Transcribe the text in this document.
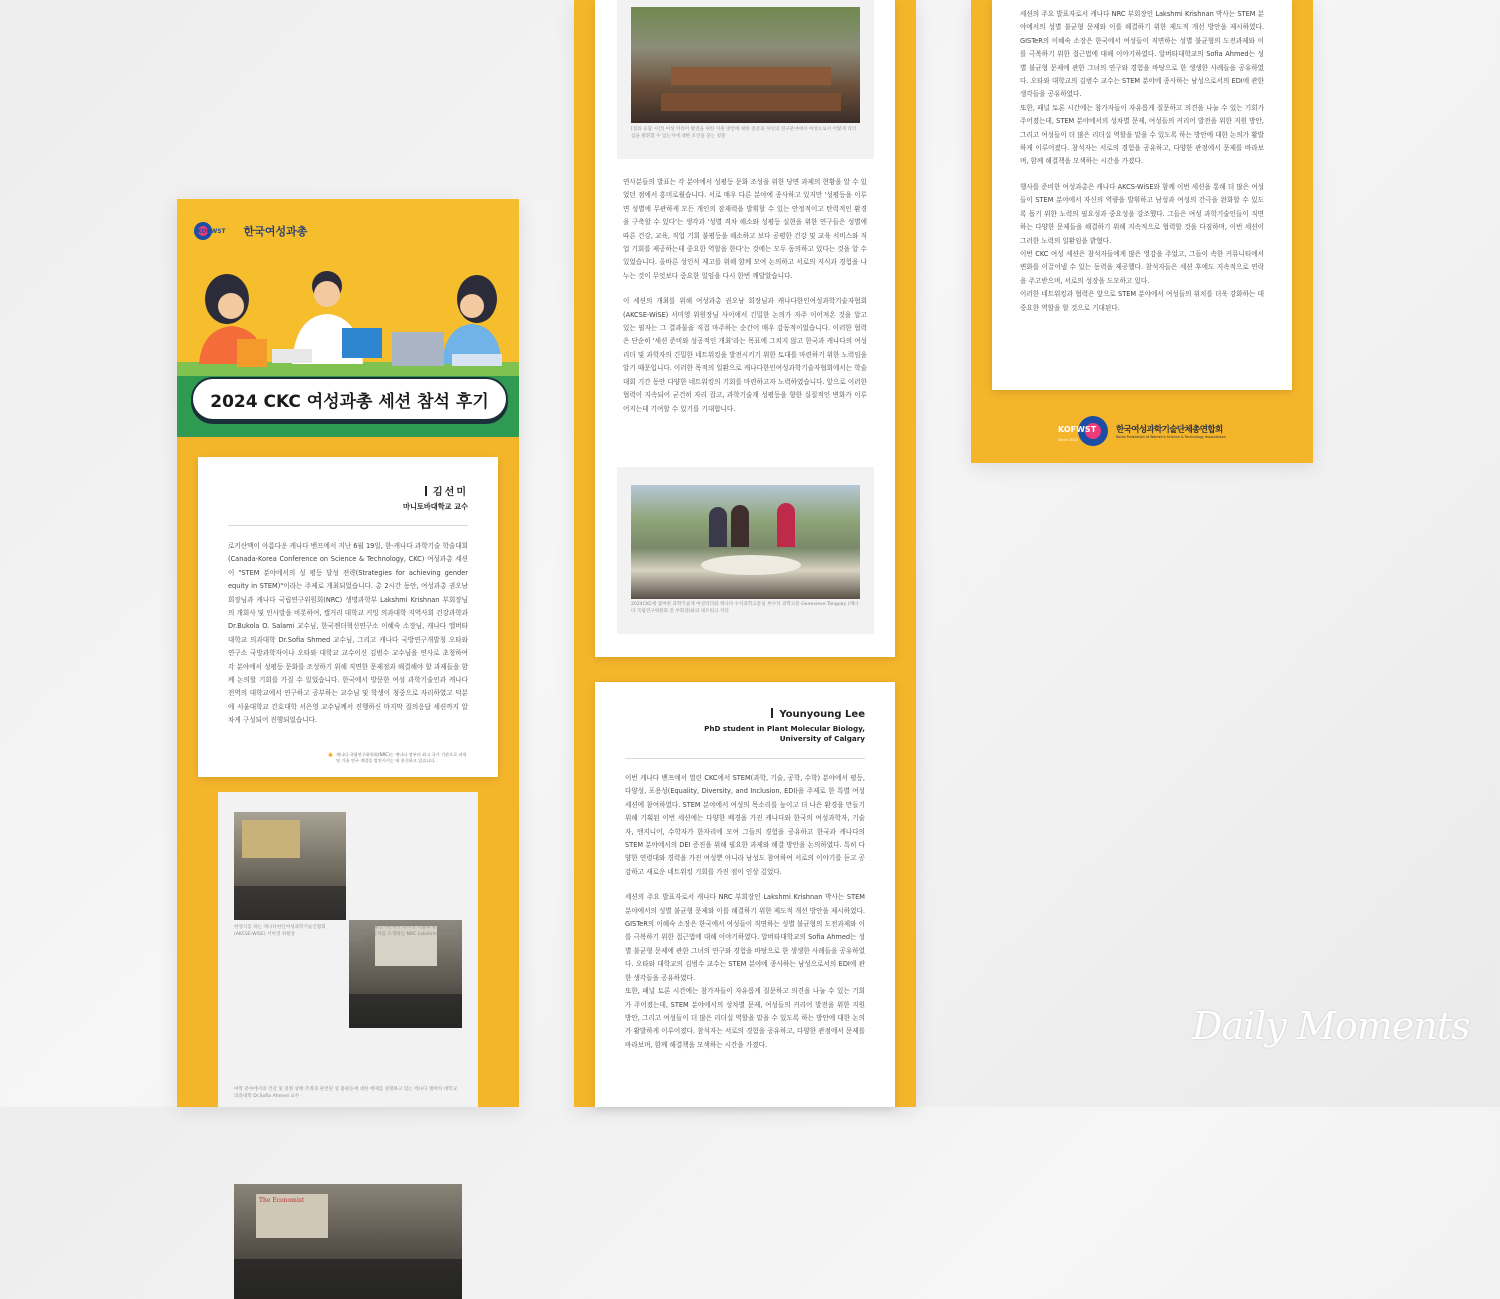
KOFWST 한국여성과총
2024 CKC 여성과총 세션 참석 후기
김선미
마니토바대학교 교수

로키산맥이 아름다운 캐나다 밴프에서 지난 6월 19일, 한-캐나다 과학기술 학술대회(Canada-Korea Conference on Science & Technology, CKC) 여성과총 세션이 "STEM 분야에서의 성 평등 달성 전략(Strategies for achieving gender equity in STEM)"이라는 주제로 개최되었습니다. 총 2시간 동안, 여성과총 권오남 회장님과 캐나다 국립연구위원회(NRC) 생명과학부 Lakshmi Krishnan 부회장님의 개회사 및 인사말을 비롯하여, 캘거리 대학교 커밍 의과대학 지역사회 건강과학과 Dr.Bukola O. Salami 교수님, 한국젠더혁신연구소 이혜숙 소장님, 캐나다 앨버타대학교 의과대학 Dr.Sofia Shmed 교수님, 그리고 캐나다 국방연구개발청 오타와 연구소 국방과학자이나 오타와 대학교 교수이신 김범수 교수님을 연사로 초청하여 각 분야에서 성평등 문화를 조성하기 위해 직면한 문제점과 해결해야 할 과제들을 함께 논의할 기회를 가질 수 있었습니다. 한국에서 방문한 여성 과학기술인과 캐나다 전역의 대학교에서 연구하고 공부하는 교수님 및 학생이 청중으로 자리하였고 덕분에 서울대학교 간호대학 서은영 교수님께서 진행하신 마지막 질의응답 세션까지 알차게 구성되어 진행되었습니다.

✱ 캐나다 국립연구위원회(NRC)는 캐나다 정부의 최고 국가 기관으로 과학 및 기술 연구 개발을 발전시키는 데 헌신하고 있습니다.
한영식를 하는 캐나다한인여성과학기술인협회(AKCSE-WiSE) 서미영 위원장
캐나다 정부 출연기관에서 라이징 박람회 발표하고 있는 주요 여성과학자를 소개하는 NRC Lakshmi Krishnan 부회장
The Economist
여학 분야에서의 건강 및 질병 상태 측정과 관련된 성 불평등에 대한 예제를 설명하고 있는 캐나다 앨버타 대학교 의과대학 Dr.Sofia Ahmed 교수
[질의 응답 시간] 여성 커리어 발전을 위한 지원 방안에 대한 질문과 자신의 연구분야에서 여성으로서 어떻게 리더십을 발휘할 수 있는지에 대한 조언을 묻는 청중

연사분들의 발표는 각 분야에서 성평등 문화 조성을 위한 당면 과제의 현황을 알 수 있었던 점에서 흥미로웠습니다. 서로 매우 다른 분야에 종사하고 있지만 '성평등을 이루면 성별에 무관하게 모든 개인의 잠재력을 발휘할 수 있는 안정적이고 탄력적인 환경을 구축할 수 있다'는 생각과 '성별 격차 해소와 성평등 실현을 위한 연구들은 성별에 따른 건강, 교육, 직업 기회 불평등을 해소하고 보다 공평한 건강 및 교육 서비스와 직업 기회를 제공하는데 중요한 역할을 한다'는 것에는 모두 동의하고 있다는 것을 알 수 있었습니다. 올바른 성인식 제고를 위해 함께 모여 논의하고 서로의 지식과 경험을 나누는 것이 무엇보다 중요한 일임을 다시 한번 깨달았습니다.

이 세션의 개최를 위해 여성과총 권오남 회장님과 캐나다한인여성과학기술자협회(AKCSE-WiSE) 서미영 위원장님 사이에서 긴밀한 논의가 자주 이어져온 것을 알고 있는 필자는 그 결과물을 직접 마주하는 순간이 매우 감동적이었습니다. 이러한 협력은 단순히 '세션 준비와 성공적인 개최'라는 목표에 그치지 않고 한국과 캐나다의 여성 리더 및 과학자의 긴밀한 네트워킹을 발전시키기 위한 토대를 마련하기 위한 노력임을 알기 때문입니다. 이러한 목적의 일환으로 캐나다한인여성과학기술자협회에서는 학술대회 기간 동안 다양한 네트워킹의 기회를 마련하고자 노력하였습니다. 앞으로 이러한 협력이 지속되어 굳건히 자리 잡고, 과학기술계 성평등을 향한 실질적인 변화가 이루어지는데 기여할 수 있기를 기대합니다.

2024CKC에 참여한 과학기술계 여성리더와 캐나다 수석과학고문실 부수석 과학고문 Genevieve Tanguay (캐나다 국립연구위원회 전 부회장)와의 네트워크 자리
Younyoung Lee
PhD student in Plant Molecular Biology,
University of Calgary

이번 캐나다 밴프에서 열린 CKC에서 STEM(과학, 기술, 공학, 수학) 분야에서 평등, 다양성, 포용성(Equality, Diversity, and Inclusion, EDI)을 주제로 한 특별 여성 세션에 참여하였다. STEM 분야에서 여성의 목소리를 높이고 더 나은 환경을 만들기 위해 기획된 이번 세션에는 다양한 배경을 가진 캐나다와 한국의 여성과학자, 기술자, 엔지니어, 수학자가 한자리에 모여 그들의 경험을 공유하고 한국과 캐나다의 STEM 분야에서의 DEI 증진을 위해 필요한 과제와 해결 방안을 논의하였다. 특히 다양한 연령대와 경력을 가진 여성뿐 아니라 남성도 참여하여 서로의 이야기를 듣고 공감하고 새로운 네트워킹 기회를 가진 점이 인상 깊었다.

세션의 주요 발표자로서 캐나다 NRC 부회장인 Lakshmi Krishnan 박사는 STEM 분야에서의 성별 불균형 문제와 이를 해결하기 위한 제도적 개선 방안을 제시하였다. GISTeR의 이혜숙 소장은 한국에서 여성들이 직면하는 성별 불균형의 도전과제와 이를 극복하기 위한 접근법에 대해 이야기하였다. 알버타대학교의 Sofia Ahmed는 성별 불균형 문제에 관한 그녀의 연구와 경험을 바탕으로 한 생생한 사례들을 공유하였다. 오타와 대학교의 김범수 교수는 STEM 분야에 종사하는 남성으로서의 EDI에 관한 생각들을 공유하였다.
또한, 패널 토론 시간에는 참가자들이 자유롭게 질문하고 의견을 나눌 수 있는 기회가 주어졌는데, STEM 분야에서의 성차별 문제, 여성들의 커리어 발전을 위한 지원 방안, 그리고 여성들이 더 많은 리더십 역할을 맡을 수 있도록 하는 방안에 대한 논의가 활발하게 이루어졌다. 참석자는 서로의 경험을 공유하고, 다양한 관점에서 문제를 바라보며, 함께 해결책을 모색하는 시간을 가졌다.

세션의 주요 발표자로서 캐나다 NRC 부회장인 Lakshmi Krishnan 박사는 STEM 분야에서의 성별 불균형 문제와 이를 해결하기 위한 제도적 개선 방안을 제시하였다. GISTeR의 이혜숙 소장은 한국에서 여성들이 직면하는 성별 불균형의 도전과제와 이를 극복하기 위한 접근법에 대해 이야기하였다. 알버타대학교의 Sofia Ahmed는 성별 불균형 문제에 관한 그녀의 연구와 경험을 바탕으로 한 생생한 사례들을 공유하였다. 오타와 대학교의 김범수 교수는 STEM 분야에 종사하는 남성으로서의 EDI에 관한 생각들을 공유하였다.
또한, 패널 토론 시간에는 참가자들이 자유롭게 질문하고 의견을 나눌 수 있는 기회가 주어졌는데, STEM 분야에서의 성차별 문제, 여성들의 커리어 발전을 위한 지원 방안, 그리고 여성들이 더 많은 리더십 역할을 맡을 수 있도록 하는 방안에 대한 논의가 활발하게 이루어졌다. 참석자는 서로의 경험을 공유하고, 다양한 관점에서 문제를 바라보며, 함께 해결책을 모색하는 시간을 가졌다.

행사를 준비한 여성과총은 캐나다 AKCS-WiSE와 함께 이번 세션을 통해 더 많은 여성들이 STEM 분야에서 자신의 역량을 발휘하고 남성과 여성의 간극을 완화할 수 있도록 돕기 위한 노력의 필요성과 중요성을 강조했다. 그들은 여성 과학기술인들이 직면하는 다양한 문제들을 해결하기 위해 지속적으로 협력할 것을 다짐하며, 이번 세션이 그러한 노력의 일환임을 밝혔다.
이번 CKC 여성 세션은 참석자들에게 많은 영감을 주었고, 그들이 속한 커뮤니티에서 변화를 이끌어낼 수 있는 동력을 제공했다. 참석자들은 세션 후에도 지속적으로 연락을 주고받으며, 서로의 성장을 도모하고 있다.
이러한 네트워킹과 협력은 앞으로 STEM 분야에서 여성들의 위치를 더욱 강화하는 데 중요한 역할을 할 것으로 기대된다.

KOFWST
Since 2003
한국여성과학기술단체총연합회
Korea Federation of Women's Science & Technology Associations
Daily Moments
